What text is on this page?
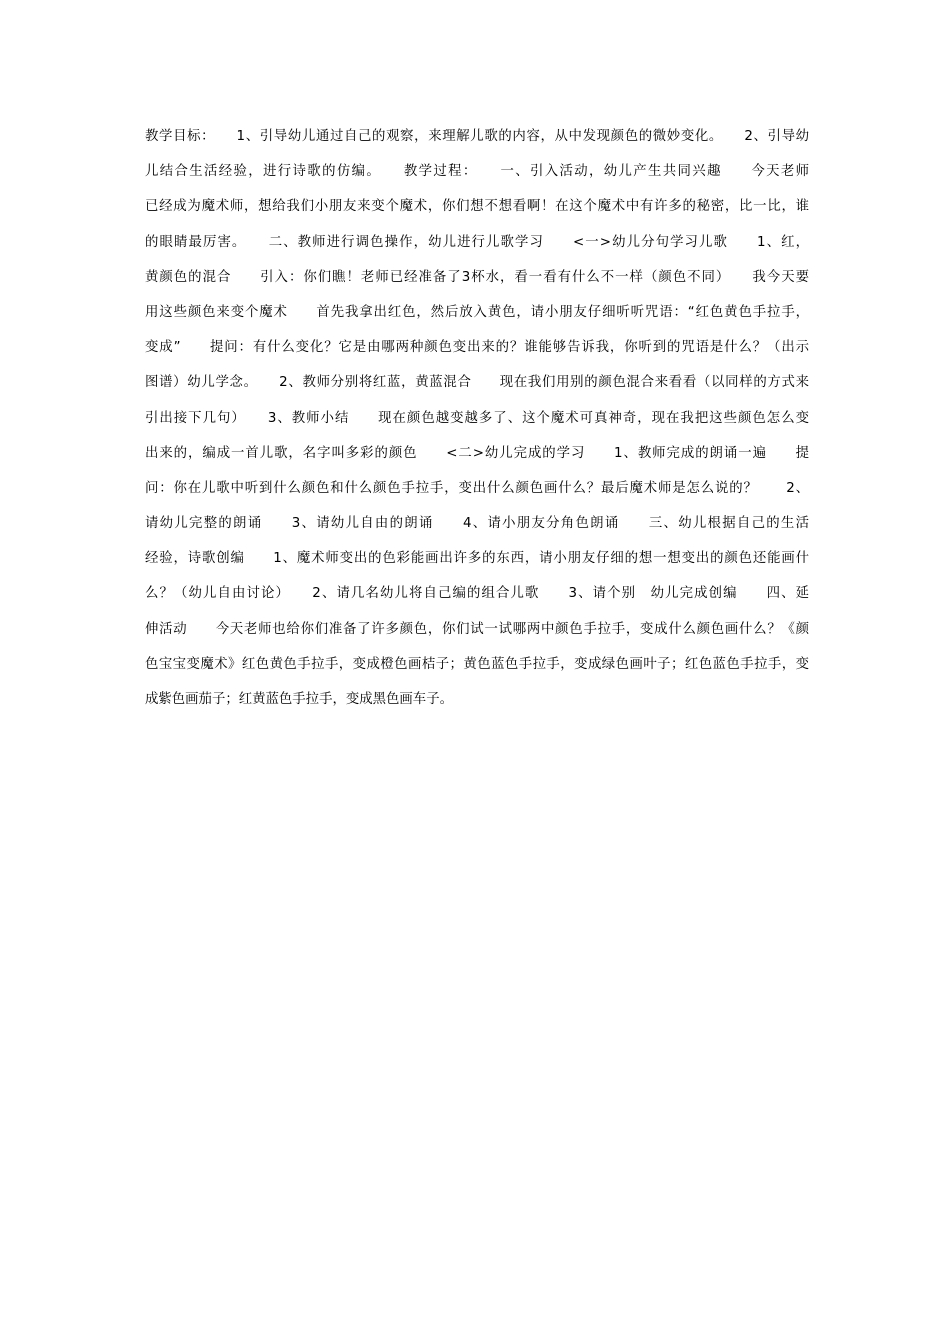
教学目标：　　1、引导幼儿通过自己的观察，来理解儿歌的内容，从中发现颜色的微妙变化。　　2、引导幼
儿结合生活经验，进行诗歌的仿编。　　教学过程：　　一、引入活动，幼儿产生共同兴趣　　今天老师
已经成为魔术师，想给我们小朋友来变个魔术，你们想不想看啊！在这个魔术中有许多的秘密，比一比，谁
的眼睛最厉害。　　二、教师进行调色操作，幼儿进行儿歌学习　　<一>幼儿分句学习儿歌　　1、红，
黄颜色的混合　　引入：你们瞧！老师已经准备了3杯水，看一看有什么不一样（颜色不同）　　我今天要
用这些颜色来变个魔术　　首先我拿出红色，然后放入黄色，请小朋友仔细听听咒语：“红色黄色手拉手，
变成”　　提问：有什么变化？它是由哪两种颜色变出来的？谁能够告诉我，你听到的咒语是什么？（出示
图谱）幼儿学念。　　2、教师分别将红蓝，黄蓝混合　　现在我们用别的颜色混合来看看（以同样的方式来
引出接下几句）　　3、教师小结　　现在颜色越变越多了、这个魔术可真神奇，现在我把这些颜色怎么变
出来的，编成一首儿歌，名字叫多彩的颜色　　<二>幼儿完成的学习　　1、教师完成的朗诵一遍　　提
问：你在儿歌中听到什么颜色和什么颜色手拉手，变出什么颜色画什么？最后魔术师是怎么说的？　　2、
请幼儿完整的朗诵　　3、请幼儿自由的朗诵　　4、请小朋友分角色朗诵　　三、幼儿根据自己的生活
经验，诗歌创编　　1、魔术师变出的色彩能画出许多的东西，请小朋友仔细的想一想变出的颜色还能画什
么？（幼儿自由讨论）　　2、请几名幼儿将自己编的组合儿歌　　3、请个别　幼儿完成创编　　四、延
伸活动　　今天老师也给你们准备了许多颜色，你们试一试哪两中颜色手拉手，变成什么颜色画什么？《颜
色宝宝变魔术》红色黄色手拉手，变成橙色画桔子；黄色蓝色手拉手，变成绿色画叶子；红色蓝色手拉手，变
成紫色画茄子；红黄蓝色手拉手，变成黑色画车子。
